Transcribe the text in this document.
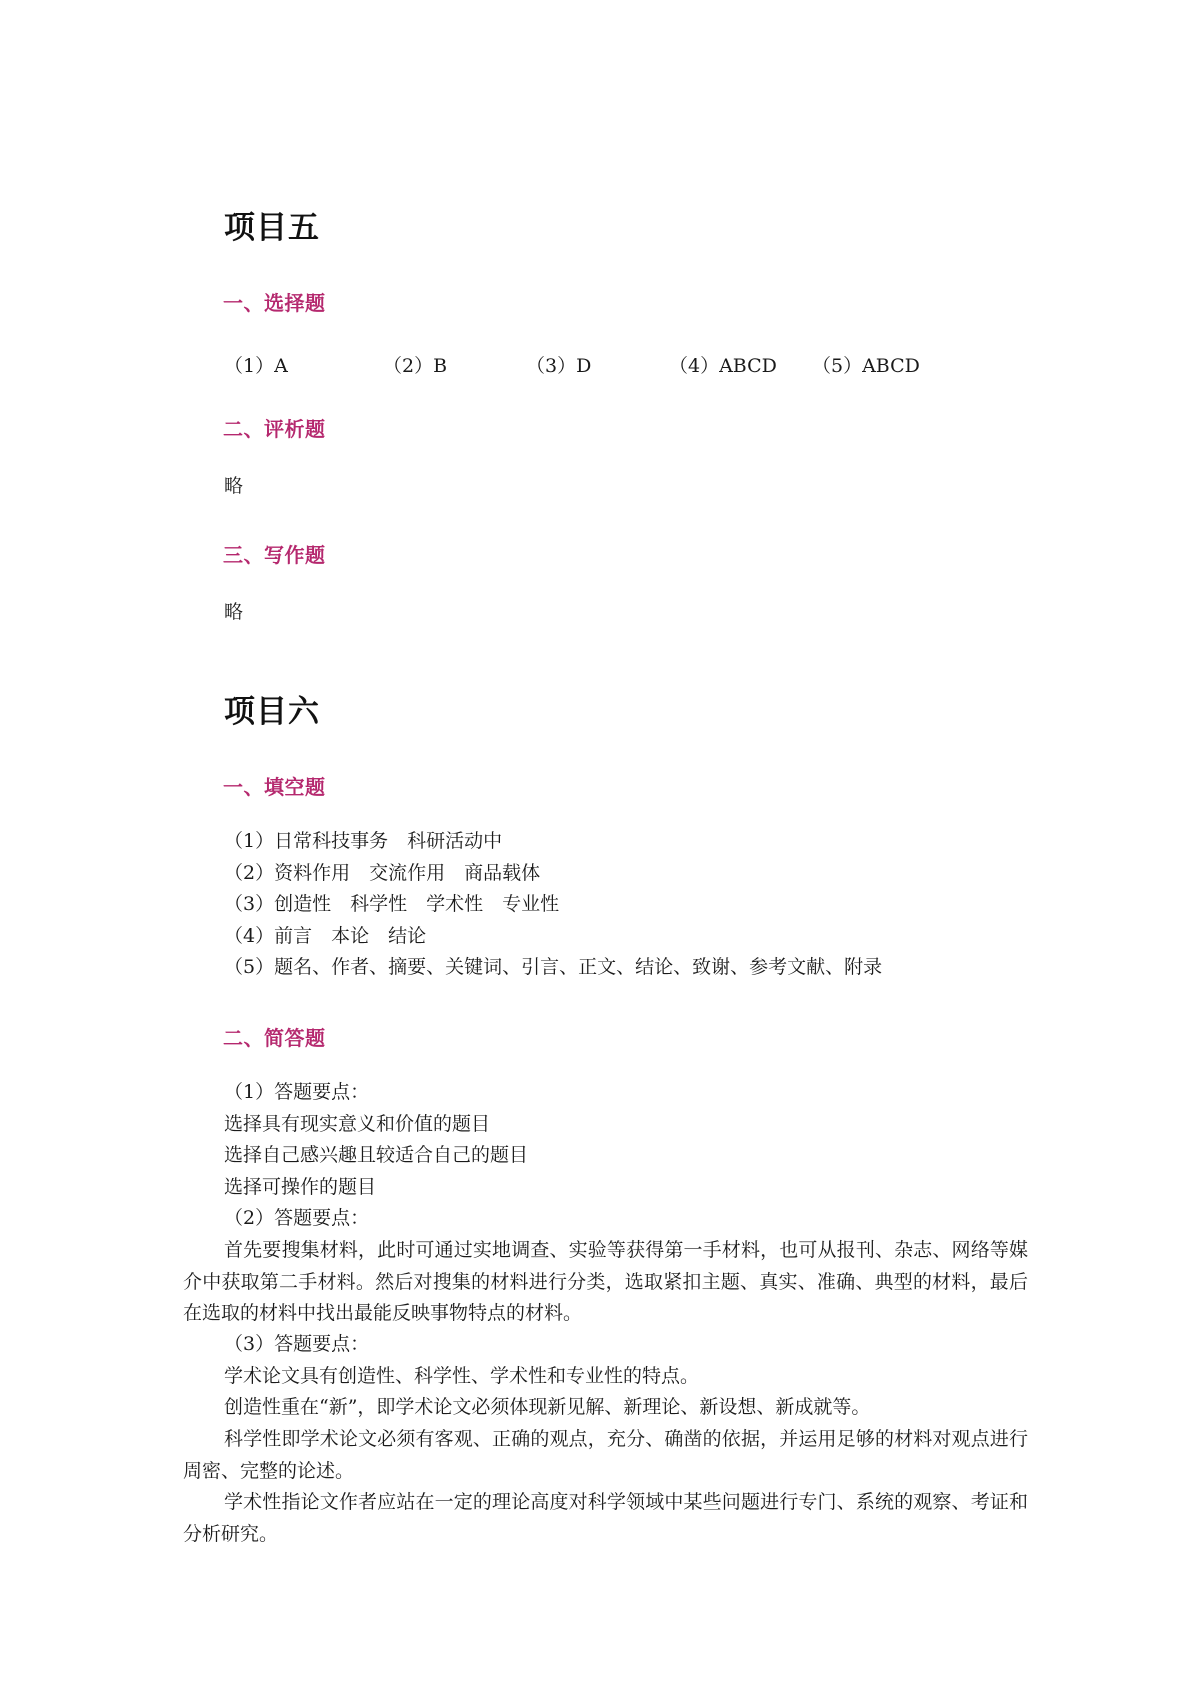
项目五
一、选择题
（1）A	（2）B	（3）D	（4）ABCD （5）ABCD
二、评析题
略
三、写作题
略
项目六
一、填空题
（1）日常科技事务　科研活动中
（2）资料作用　交流作用　商品载体
（3）创造性　科学性　学术性　专业性
（4）前言　本论　结论
（5）题名、作者、摘要、关键词、引言、正文、结论、致谢、参考文献、附录
二、简答题
（1）答题要点：
选择具有现实意义和价值的题目
选择自己感兴趣且较适合自己的题目
选择可操作的题目
（2）答题要点：
首先要搜集材料，此时可通过实地调查、实验等获得第一手材料，也可从报刊、杂志、网络等媒介中获取第二手材料。然后对搜集的材料进行分类，选取紧扣主题、真实、准确、典型的材料，最后在选取的材料中找出最能反映事物特点的材料。
（3）答题要点：
学术论文具有创造性、科学性、学术性和专业性的特点。
创造性重在“新”，即学术论文必须体现新见解、新理论、新设想、新成就等。
科学性即学术论文必须有客观、正确的观点，充分、确凿的依据，并运用足够的材料对观点进行周密、完整的论述。
学术性指论文作者应站在一定的理论高度对科学领域中某些问题进行专门、系统的观察、考证和分析研究。
